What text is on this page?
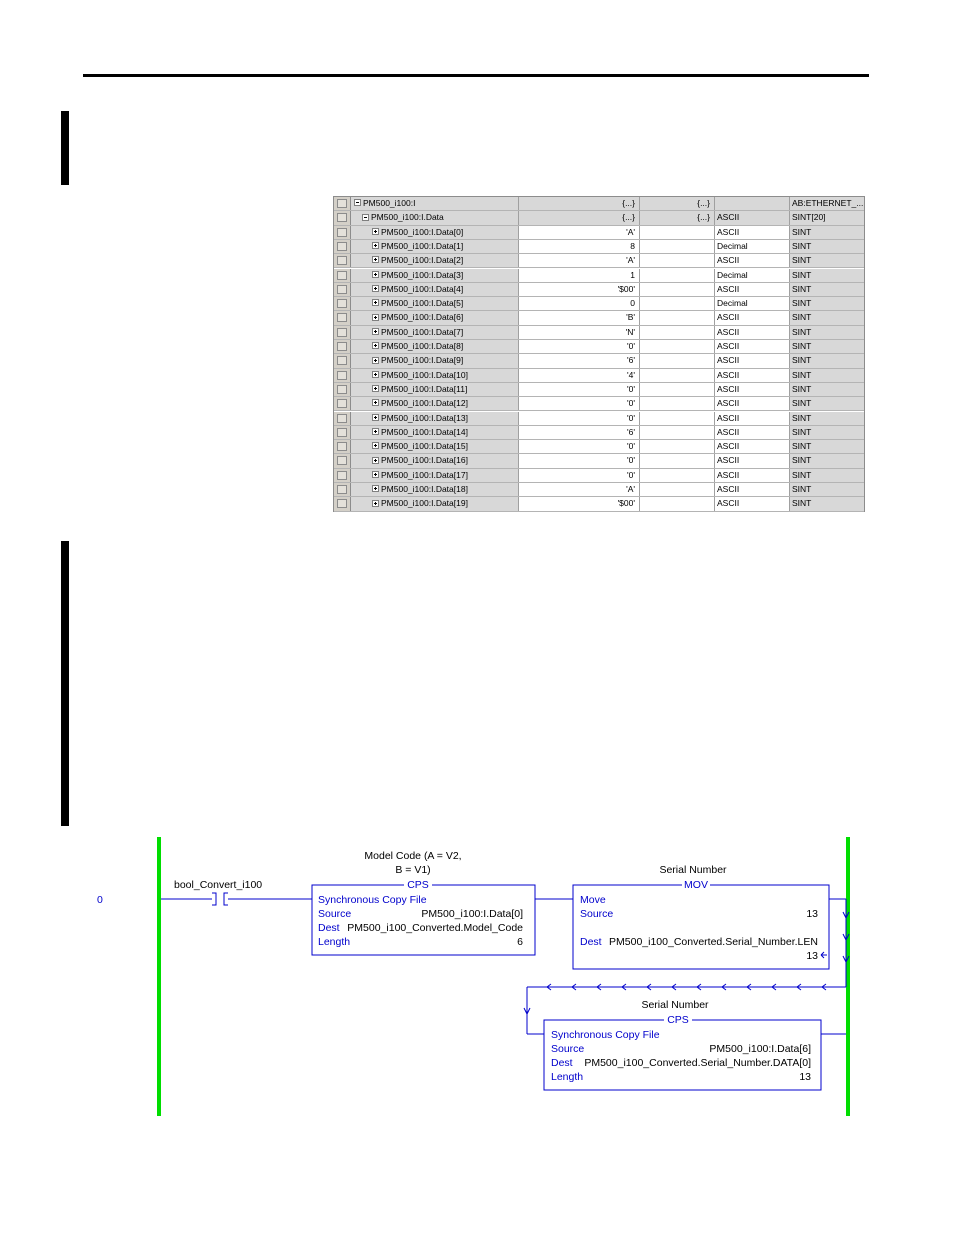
PM500_i100:I	{...}	{...}	AB:ETHERNET_...
PM500_i100:I.Data	{...}	{...} ASCII	SINT[20]
PM500_i100:I.Data[0]	'A'	ASCII	SINT
PM500_i100:I.Data[1]	8	Decimal	SINT
PM500_i100:I.Data[2]	'A'	ASCII	SINT
PM500_i100:I.Data[3]	1	Decimal	SINT
PM500_i100:I.Data[4]	'$00'	ASCII	SINT
PM500_i100:I.Data[5]	0	Decimal	SINT
PM500_i100:I.Data[6]	'B'	ASCII	SINT
PM500_i100:I.Data[7]	'N'	ASCII	SINT
PM500_i100:I.Data[8]	'0'	ASCII	SINT
PM500_i100:I.Data[9]	'6'	ASCII	SINT
PM500_i100:I.Data[10]	'4'	ASCII	SINT
PM500_i100:I.Data[11]	'0'	ASCII	SINT
PM500_i100:I.Data[12]	'0'	ASCII	SINT
PM500_i100:I.Data[13]	'0'	ASCII	SINT
PM500_i100:I.Data[14]	'6'	ASCII	SINT
PM500_i100:I.Data[15]	'0'	ASCII	SINT
PM500_i100:I.Data[16]	'0'	ASCII	SINT
PM500_i100:I.Data[17]	'0'	ASCII	SINT
PM500_i100:I.Data[18]	'A'	ASCII	SINT
PM500_i100:I.Data[19]	'$00'	ASCII	SINT
0
bool_Convert_i100
Model Code (A = V2,
B = V1)
CPS
Synchronous Copy File
Source	PM500_i100:I.Data[0]
Dest PM500_i100_Converted.Model_Code
Length	6
Serial Number
MOV
Move
Source	13
Dest PM500_i100_Converted.Serial_Number.LEN
13
Serial Number
CPS
Synchronous Copy File
Source	PM500_i100:I.Data[6]
Dest PM500_i100_Converted.Serial_Number.DATA[0]
Length	13
